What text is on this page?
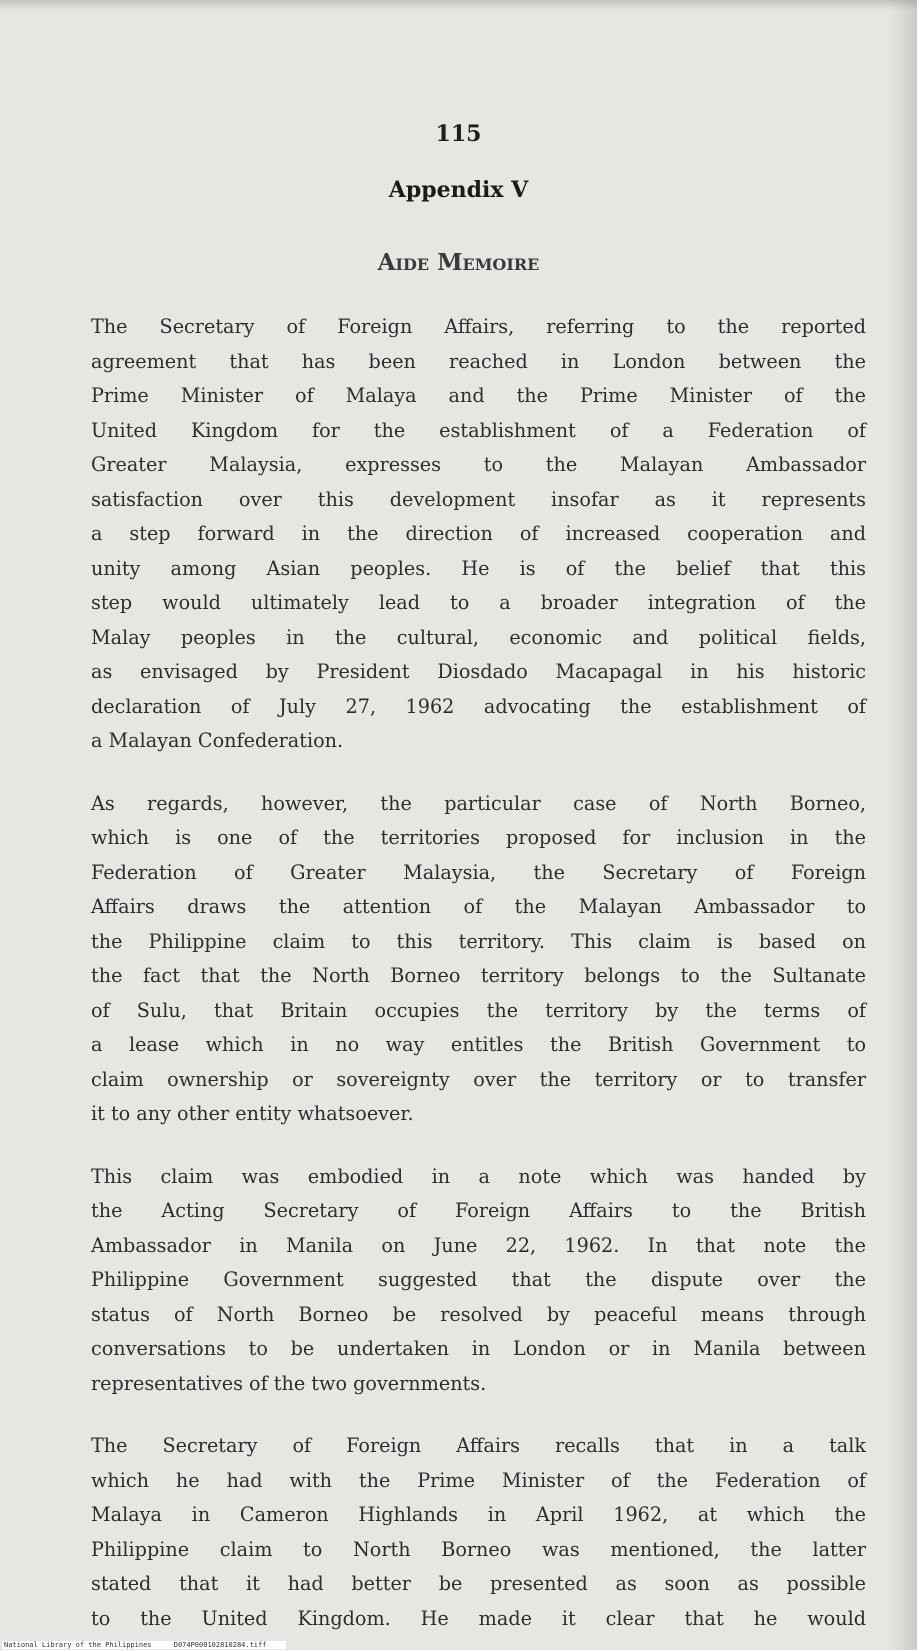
115
Appendix V
Aide Memoire

The Secretary of Foreign Affairs, referring to the reported
agreement that has been reached in London between the
Prime Minister of Malaya and the Prime Minister of the
United Kingdom for the establishment of a Federation of
Greater Malaysia, expresses to the Malayan Ambassador
satisfaction over this development insofar as it represents
a step forward in the direction of increased cooperation and
unity among Asian peoples. He is of the belief that this
step would ultimately lead to a broader integration of the
Malay peoples in the cultural, economic and political fields,
as envisaged by President Diosdado Macapagal in his historic
declaration of July 27, 1962 advocating the establishment of
a Malayan Confederation.

As regards, however, the particular case of North Borneo,
which is one of the territories proposed for inclusion in the
Federation of Greater Malaysia, the Secretary of Foreign
Affairs draws the attention of the Malayan Ambassador to
the Philippine claim to this territory. This claim is based on
the fact that the North Borneo territory belongs to the Sultanate
of Sulu, that Britain occupies the territory by the terms of
a lease which in no way entitles the British Government to
claim ownership or sovereignty over the territory or to transfer
it to any other entity whatsoever.

This claim was embodied in a note which was handed by
the Acting Secretary of Foreign Affairs to the British
Ambassador in Manila on June 22, 1962. In that note the
Philippine Government suggested that the dispute over the
status of North Borneo be resolved by peaceful means through
conversations to be undertaken in London or in Manila between
representatives of the two governments.

The Secretary of Foreign Affairs recalls that in a talk
which he had with the Prime Minister of the Federation of
Malaya in Cameron Highlands in April 1962, at which the
Philippine claim to North Borneo was mentioned, the latter
stated that it had better be presented as soon as possible
to the United Kingdom. He made it clear that he would

National Library of the Philippines	D074P000102810284.tiff
